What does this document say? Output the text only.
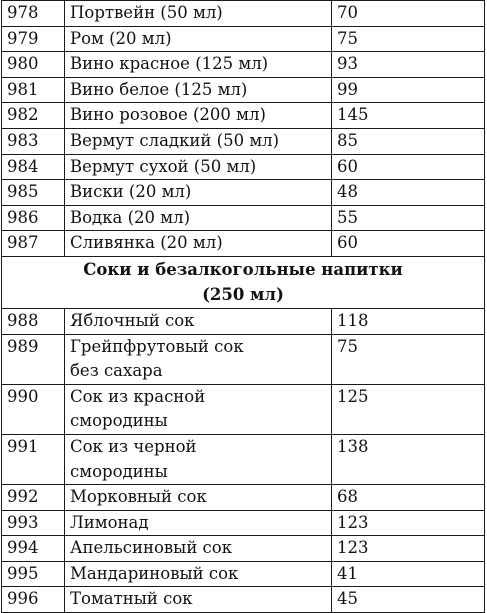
978	Портвейн (50 мл)	70
979	Ром (20 мл)	75
980	Вино красное (125 мл)	93
981	Вино белое (125 мл)	99
982	Вино розовое (200 мл)	145
983	Вермут сладкий (50 мл)	85
984	Вермут сухой (50 мл)	60
985	Виски (20 мл)	48
986	Водка (20 мл)	55
987	Сливянка (20 мл)	60

Соки и безалкогольные напитки
(250 мл)		

988	Яблочный сок	118
989	Грейпфрутовый сок
без сахара	75
990	Сок из красной
смородины	125
991	Сок из черной
смородины	138
992	Морковный сок	68
993	Лимонад	123
994	Апельсиновый сок	123
995	Мандариновый сок	41
996	Томатный сок	45
